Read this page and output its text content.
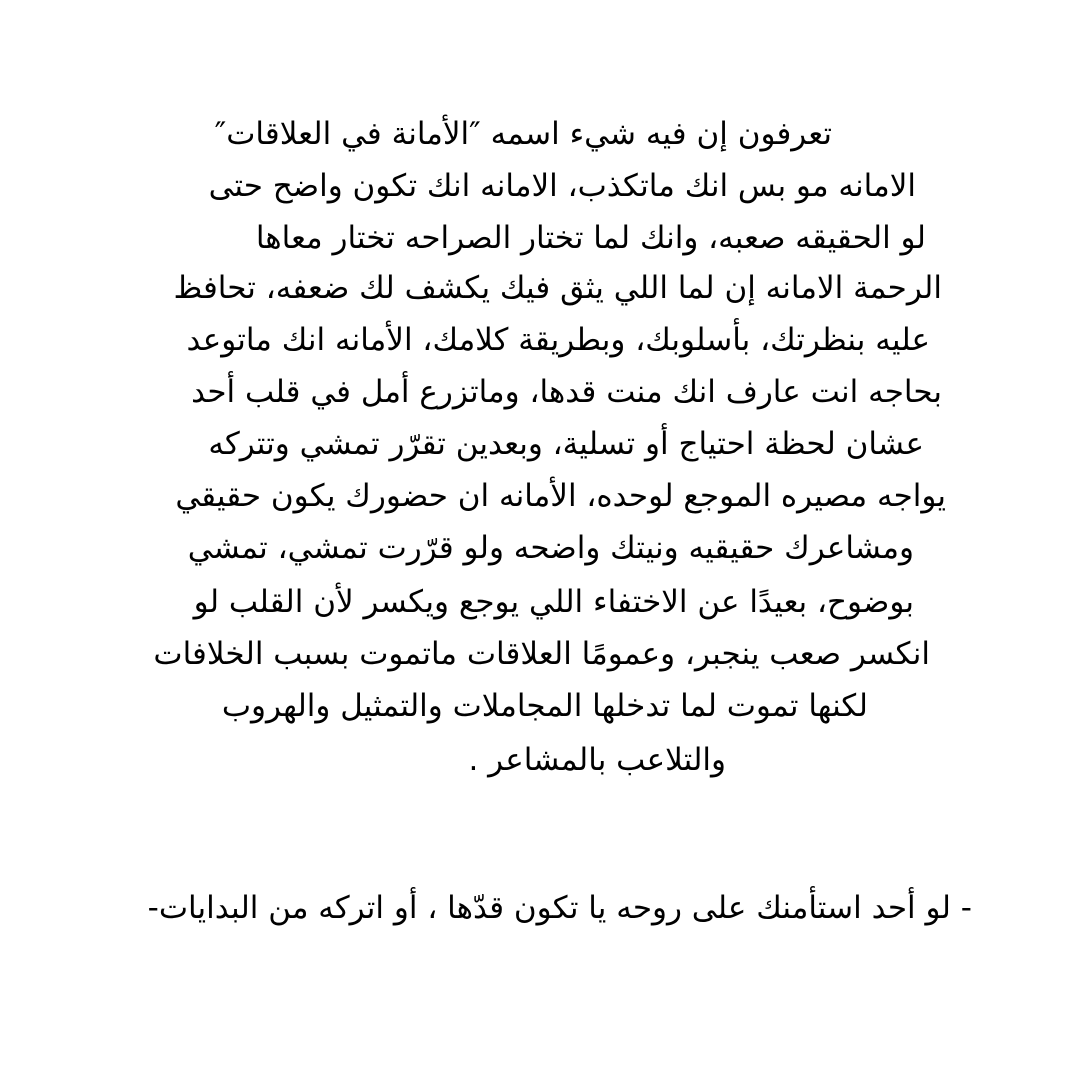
تعرفون إن فيه شيء اسمه ″الأمانة في العلاقات″

الامانه مو بس انك ماتكذب، الامانه انك تكون واضح حتى

لو الحقيقه صعبه، وانك لما تختار الصراحه تختار معاها

الرحمة الامانه إن لما اللي يثق فيك يكشف لك ضعفه، تحافظ

عليه بنظرتك، بأسلوبك، وبطريقة كلامك، الأمانه انك ماتوعد

بحاجه انت عارف انك منت قدها، وماتزرع أمل في قلب أحد

عشان لحظة احتياج أو تسلية، وبعدين تقرّر تمشي وتتركه

يواجه مصيره الموجع لوحده، الأمانه ان حضورك يكون حقيقي

ومشاعرك حقيقيه ونيتك واضحه ولو قرّرت تمشي، تمشي

بوضوح، بعيدًا عن الاختفاء اللي يوجع ويكسر لأن القلب لو

انكسر صعب ينجبر، وعمومًا العلاقات ماتموت بسبب الخلافات

لكنها تموت لما تدخلها المجاملات والتمثيل والهروب

والتلاعب بالمشاعر .

- لو أحد استأمنك على روحه يا تكون قدّها ، أو اتركه من البدايات-
